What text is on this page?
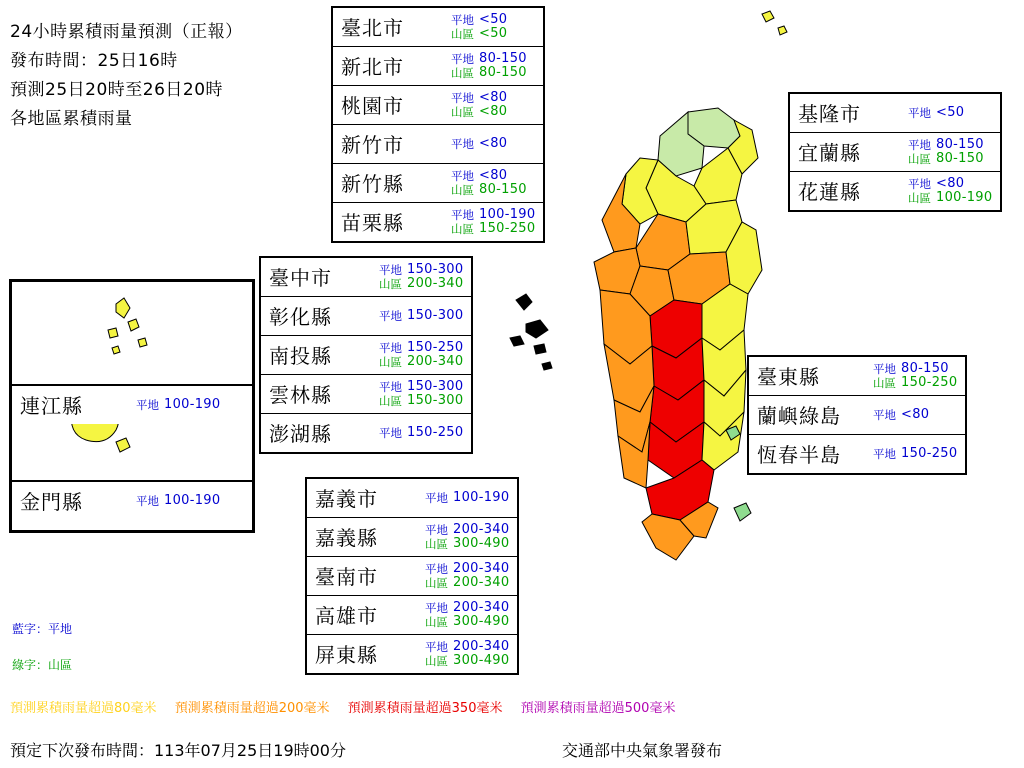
24小時累積雨量預測（正報）
發布時間：25日16時
預測25日20時至26日20時
各地區累積雨量
臺北市	平地 <50
山區 <50
新北市	平地 80-150
山區 80-150
桃園市	平地 <80
山區 <80
新竹市	平地 <80
新竹縣	平地 <80
山區 80-150
苗栗縣	平地 100-190
山區 150-250
臺中市	平地 150-300
山區 200-340
彰化縣	平地 150-300
南投縣	平地 150-250
山區 200-340
雲林縣	平地 150-300
山區 150-300
澎湖縣	平地 150-250
嘉義市	平地 100-190
嘉義縣	平地 200-340
山區 300-490
臺南市	平地 200-340
山區 200-340
高雄市	平地 200-340
山區 300-490
屏東縣	平地 200-340
山區 300-490
基隆市	平地 <50
宜蘭縣	平地 80-150
山區 80-150
花蓮縣	平地 <80
山區 100-190
臺東縣	平地 80-150
山區 150-250
蘭嶼綠島	平地 <80
恆春半島	平地 150-250
連江縣	平地 100-190
金門縣	平地 100-190
藍字：平地
綠字：山區
預測累積雨量超過80毫米 預測累積雨量超過200毫米 預測累積雨量超過350毫米 預測累積雨量超過500毫米
預定下次發布時間：113年07月25日19時00分	交通部中央氣象署發布
